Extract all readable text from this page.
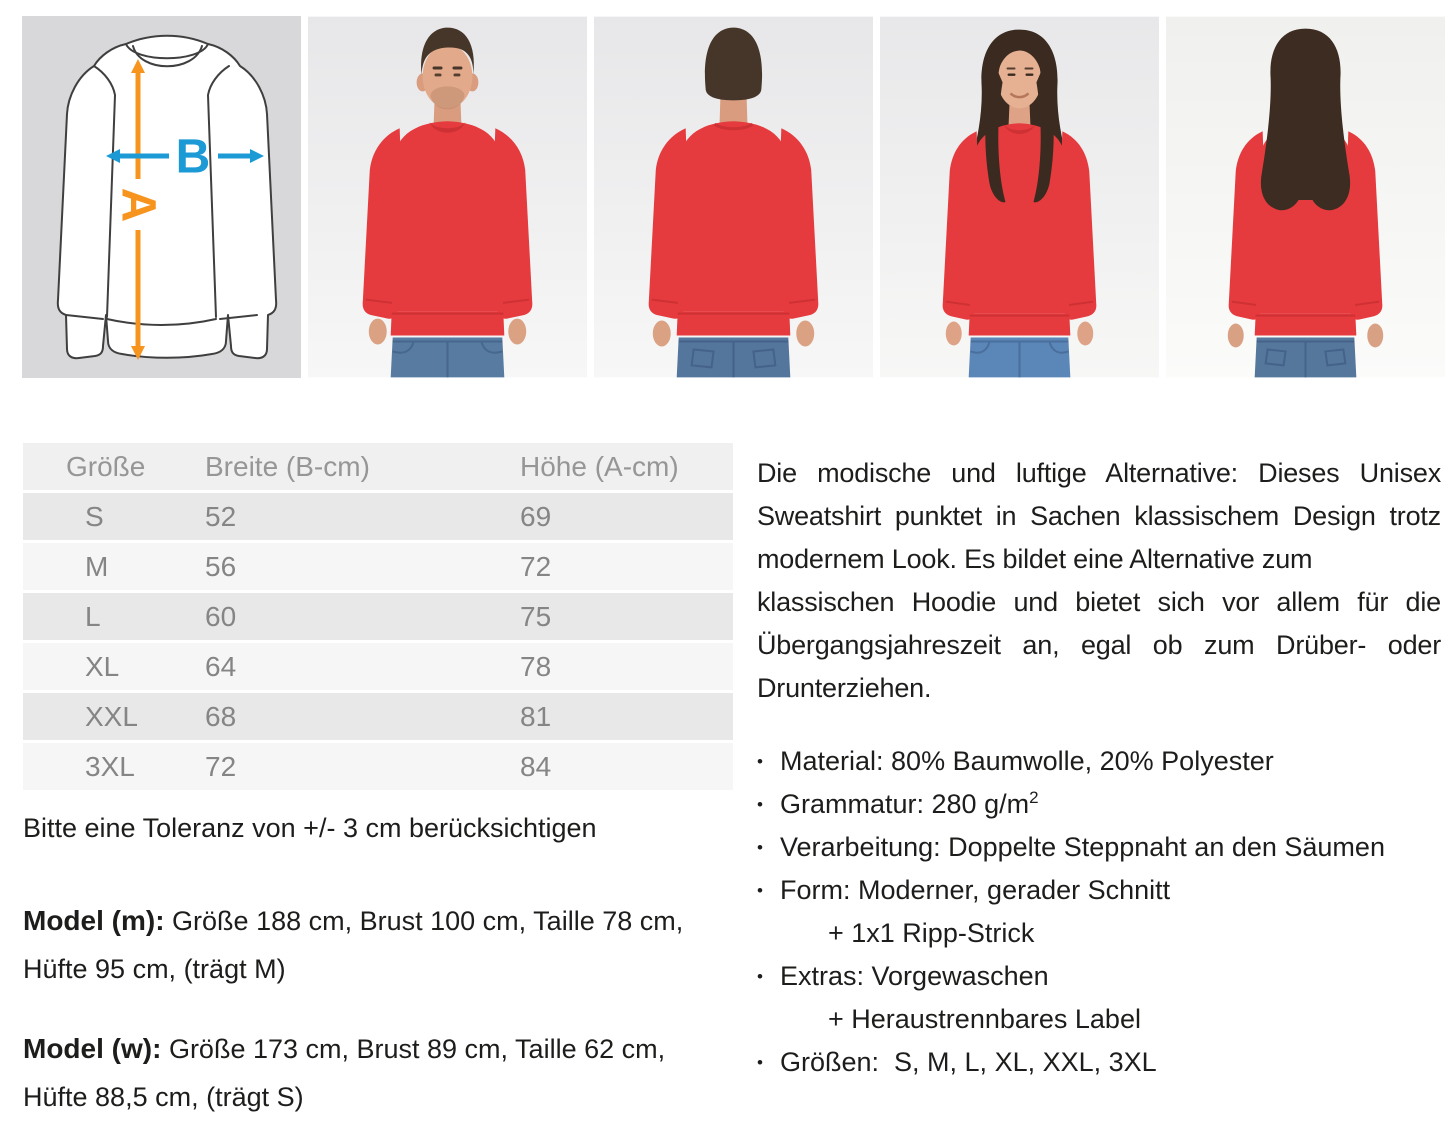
A
B
Größe	Breite (B-cm)	Höhe (A-cm)
S	52	69
M	56	72
L	60	75
XL	64	78
XXL	68	81
3XL	72	84

Bitte eine Toleranz von +/- 3 cm berücksichtigen

Model (m): Größe 188 cm, Brust 100 cm, Taille 78 cm, Hüfte 95 cm, (trägt M)

Model (w): Größe 173 cm, Brust 89 cm, Taille 62 cm, Hüfte 88,5 cm, (trägt S)

Die modische und luftige Alternative: Dieses Unisex Sweatshirt punktet in Sachen klassischem Design trotz modernem Look. Es bildet eine Alternative zum
klassischen Hoodie und bietet sich vor allem für die Übergangsjahreszeit an, egal ob zum Drüber- oder Drunterziehen.

• Material: 80% Baumwolle, 20% Polyester
• Grammatur: 280 $g/m^2$
• Verarbeitung: Doppelte Steppnaht an den Säumen
• Form: Moderner, gerader Schnitt
+ 1x1 Ripp-Strick
• Extras: Vorgewaschen
+ Heraustrennbares Label
• Größen:  S, M, L, XL, XXL, 3XL
